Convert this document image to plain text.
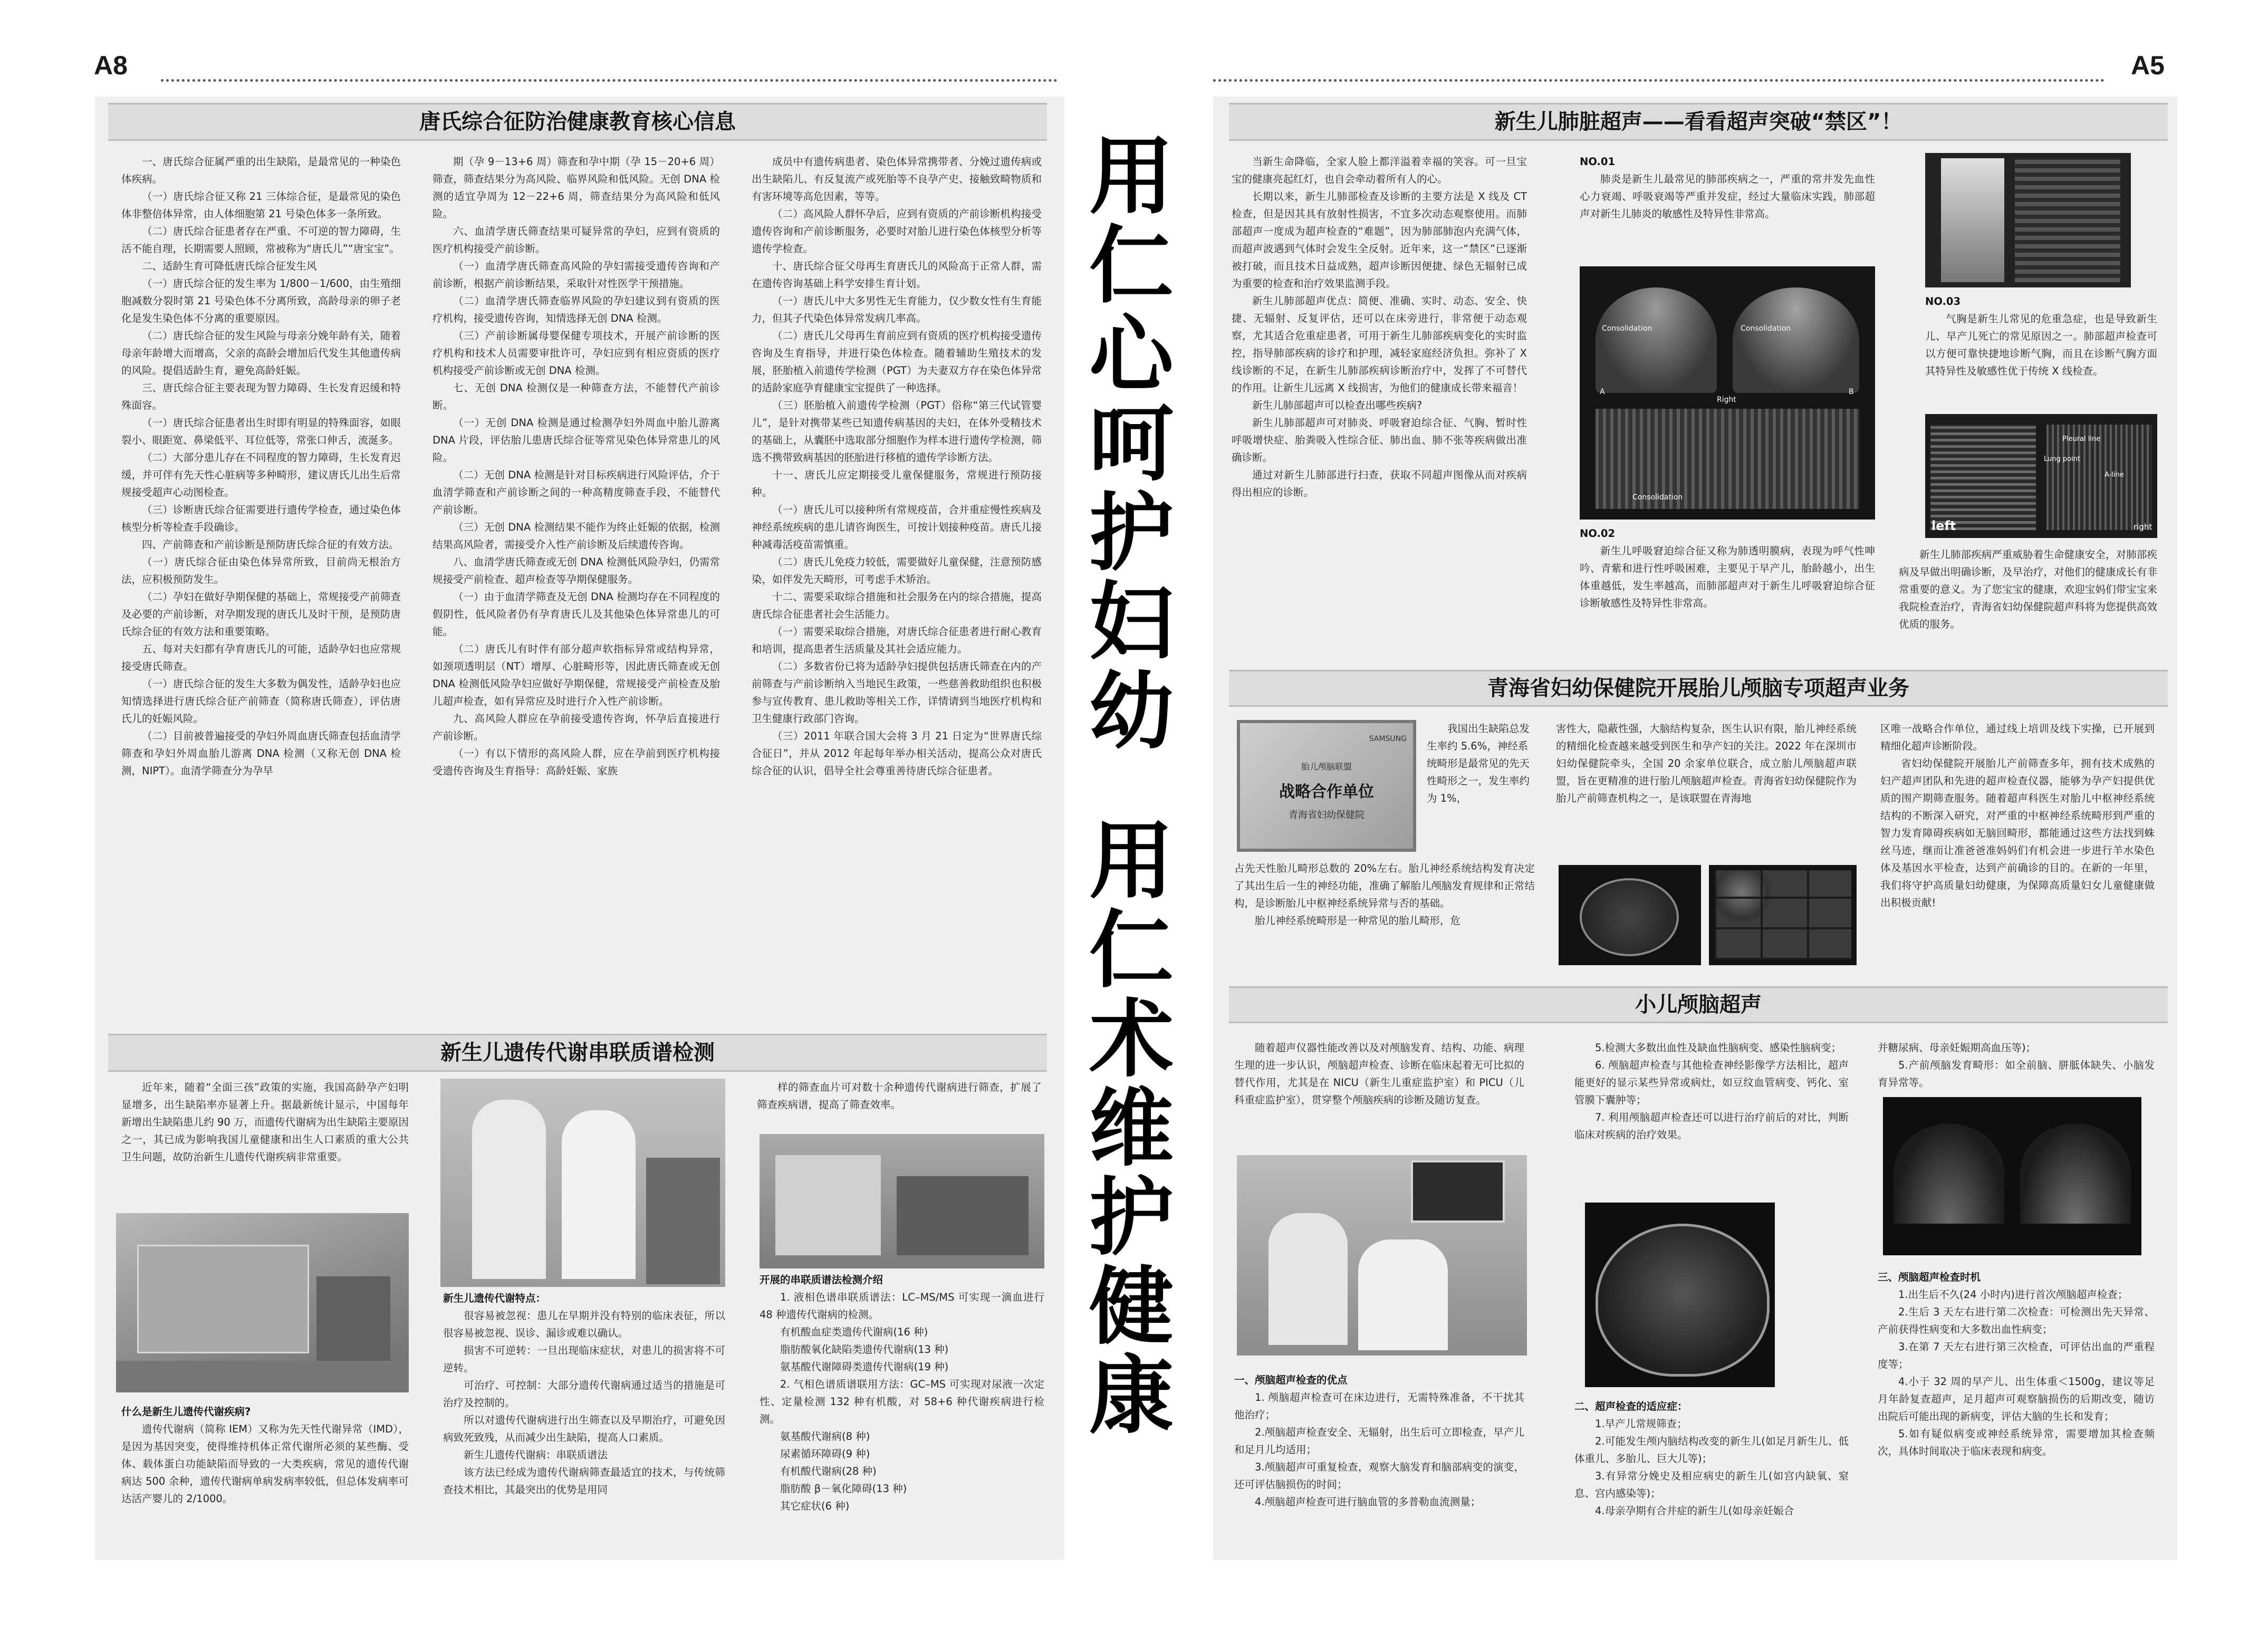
A8	A5
用
仁
心
呵
护
妇
幼
用
仁
术
维
护
健
康
唐氏综合征防治健康教育核心信息

一、唐氏综合征属严重的出生缺陷，是最常见的一种染色体疾病。

（一）唐氏综合征又称 21 三体综合征，是最常见的染色体非整倍体异常，由人体细胞第 21 号染色体多一条所致。

（二）唐氏综合征患者存在严重、不可逆的智力障碍，生活不能自理，长期需要人照顾，常被称为“唐氏儿”“唐宝宝”。

二、适龄生育可降低唐氏综合征发生风

（一）唐氏综合征的发生率为 1/800－1/600，由生殖细胞减数分裂时第 21 号染色体不分离所致，高龄母亲的卵子老化是发生染色体不分离的重要原因。

（二）唐氏综合征的发生风险与母亲分娩年龄有关，随着母亲年龄增大而增高，父亲的高龄会增加后代发生其他遗传病的风险。提倡适龄生育，避免高龄妊娠。

三、唐氏综合征主要表现为智力障碍、生长发育迟缓和特殊面容。

（一）唐氏综合征患者出生时即有明显的特殊面容，如眼裂小、眼距宽、鼻梁低平、耳位低等，常张口伸舌，流涎多。

（二）大部分患儿存在不同程度的智力障碍，生长发育迟缓，并可伴有先天性心脏病等多种畸形，建议唐氏儿出生后常规接受超声心动图检查。

（三）诊断唐氏综合征需要进行遗传学检查，通过染色体核型分析等检查手段确诊。

四、产前筛查和产前诊断是预防唐氏综合征的有效方法。

（一）唐氏综合征由染色体异常所致，目前尚无根治方法，应积极预防发生。

（二）孕妇在做好孕期保健的基础上，常规接受产前筛查及必要的产前诊断，对孕期发现的唐氏儿及时干预，是预防唐氏综合征的有效方法和重要策略。

五、每对夫妇都有孕育唐氏儿的可能，适龄孕妇也应常规接受唐氏筛查。

（一）唐氏综合征的发生大多数为偶发性，适龄孕妇也应知情选择进行唐氏综合征产前筛查（简称唐氏筛查），评估唐氏儿的妊娠风险。

（二）目前被普遍接受的孕妇外周血唐氏筛查包括血清学筛查和孕妇外周血胎儿游离 DNA 检测（又称无创 DNA 检测，NIPT）。血清学筛查分为孕早

期（孕 9－13+6 周）筛查和孕中期（孕 15－20+6 周）筛查，筛查结果分为高风险、临界风险和低风险。无创 DNA 检测的适宜孕周为 12－22+6 周，筛查结果分为高风险和低风险。

六、血清学唐氏筛查结果可疑异常的孕妇，应到有资质的医疗机构接受产前诊断。

（一）血清学唐氏筛查高风险的孕妇需接受遗传咨询和产前诊断，根据产前诊断结果，采取针对性医学干预措施。

（二）血清学唐氏筛查临界风险的孕妇建议到有资质的医疗机构，接受遗传咨询，知情选择无创 DNA 检测。

（三）产前诊断属母婴保健专项技术，开展产前诊断的医疗机构和技术人员需要审批许可，孕妇应到有相应资质的医疗机构接受产前诊断或无创 DNA 检测。

七、无创 DNA 检测仅是一种筛查方法，不能替代产前诊断。

（一）无创 DNA 检测是通过检测孕妇外周血中胎儿游离 DNA 片段，评估胎儿患唐氏综合征等常见染色体异常患儿的风险。

（二）无创 DNA 检测是针对目标疾病进行风险评估，介于血清学筛查和产前诊断之间的一种高精度筛查手段，不能替代产前诊断。

（三）无创 DNA 检测结果不能作为终止妊娠的依据，检测结果高风险者，需接受介入性产前诊断及后续遗传咨询。

八、血清学唐氏筛查或无创 DNA 检测低风险孕妇，仍需常规接受产前检查、超声检查等孕期保健服务。

（一）由于血清学筛查及无创 DNA 检测均存在不同程度的假阴性，低风险者仍有孕育唐氏儿及其他染色体异常患儿的可能。

（二）唐氏儿有时伴有部分超声软指标异常或结构异常，如颈项透明层（NT）增厚、心脏畸形等，因此唐氏筛查或无创 DNA 检测低风险孕妇应做好孕期保健，常规接受产前检查及胎儿超声检查，如有异常应及时进行介入性产前诊断。

九、高风险人群应在孕前接受遗传咨询，怀孕后直接进行产前诊断。

（一）有以下情形的高风险人群，应在孕前到医疗机构接受遗传咨询及生育指导：高龄妊娠、家族

成员中有遗传病患者、染色体异常携带者、分娩过遗传病或出生缺陷儿、有反复流产或死胎等不良孕产史、接触致畸物质和有害环境等高危因素，等等。

（二）高风险人群怀孕后，应到有资质的产前诊断机构接受遗传咨询和产前诊断服务，必要时对胎儿进行染色体核型分析等遗传学检查。

十、唐氏综合征父母再生育唐氏儿的风险高于正常人群，需在遗传咨询基础上科学安排生育计划。

（一）唐氏儿中大多男性无生育能力，仅少数女性有生育能力，但其子代染色体异常发病几率高。

（二）唐氏儿父母再生育前应到有资质的医疗机构接受遗传咨询及生育指导，并进行染色体检查。随着辅助生殖技术的发展，胚胎植入前遗传学检测（PGT）为夫妻双方存在染色体异常的适龄家庭孕育健康宝宝提供了一种选择。

（三）胚胎植入前遗传学检测（PGT）俗称“第三代试管婴儿”，是针对携带某些已知遗传病基因的夫妇，在体外受精技术的基础上，从囊胚中选取部分细胞作为样本进行遗传学检测，筛选不携带致病基因的胚胎进行移植的遗传学诊断方法。

十一、唐氏儿应定期接受儿童保健服务，常规进行预防接种。

（一）唐氏儿可以接种所有常规疫苗，合并重症慢性疾病及神经系统疾病的患儿请咨询医生，可按计划接种疫苗。唐氏儿接种减毒活疫苗需慎重。

（二）唐氏儿免疫力较低，需要做好儿童保健，注意预防感染，如伴发先天畸形，可考虑手术矫治。

十二、需要采取综合措施和社会服务在内的综合措施，提高唐氏综合征患者社会生活能力。

（一）需要采取综合措施，对唐氏综合征患者进行耐心教育和培训，提高患者生活质量及其社会适应能力。

（二）多数省份已将为适龄孕妇提供包括唐氏筛查在内的产前筛查与产前诊断纳入当地民生政策，一些慈善救助组织也积极参与宣传教育、患儿救助等相关工作，详情请到当地医疗机构和卫生健康行政部门咨询。

（三）2011 年联合国大会将 3 月 21 日定为“世界唐氏综合征日”，并从 2012 年起每年举办相关活动，提高公众对唐氏综合征的认识，倡导全社会尊重善待唐氏综合征患者。

新生儿遗传代谢串联质谱检测

近年来，随着“全面三孩”政策的实施，我国高龄孕产妇明显增多，出生缺陷率亦显著上升。据最新统计显示，中国每年新增出生缺陷患儿约 90 万，而遗传代谢病为出生缺陷主要原因之一，其已成为影响我国儿童健康和出生人口素质的重大公共卫生问题，故防治新生儿遗传代谢疾病非常重要。

什么是新生儿遗传代谢疾病?

遗传代谢病（简称 IEM）又称为先天性代谢异常（IMD），是因为基因突变，使得维持机体正常代谢所必须的某些酶、受体、载体蛋白功能缺陷而导致的一大类疾病，常见的遗传代谢病达 500 余种，遗传代谢病单病发病率较低，但总体发病率可达活产婴儿的 2/1000。

新生儿遗传代谢特点：

很容易被忽视：患儿在早期并没有特别的临床表征，所以很容易被忽视、误诊、漏诊或难以确认。

损害不可逆转：一旦出现临床症状，对患儿的损害将不可逆转。

可治疗、可控制：大部分遗传代谢病通过适当的措施是可治疗及控制的。

所以对遗传代谢病进行出生筛查以及早期治疗，可避免因病致死致残，从而减少出生缺陷，提高人口素质。

新生儿遗传代谢病：串联质谱法

该方法已经成为遗传代谢病筛查最适宜的技术，与传统筛查技术相比，其最突出的优势是用同

样的筛查血片可对数十余种遗传代谢病进行筛查，扩展了筛查疾病谱，提高了筛查效率。

开展的串联质谱法检测介绍

1. 液相色谱串联质谱法：LC–MS/MS 可实现一滴血进行 48 种遗传代谢病的检测。

有机酸血症类遗传代谢病(16 种)

脂肪酸氧化缺陷类遗传代谢病(13 种)

氨基酸代谢障碍类遗传代谢病(19 种)

2. 气相色谱质谱联用方法：GC–MS 可实现对尿液一次定性、定量检测 132 种有机酸，对 58+6 种代谢疾病进行检测。

氨基酸代谢病(8 种)

尿素循环障碍(9 种)

有机酸代谢病(28 种)

脂肪酸 β－氧化障碍(13 种)

其它症状(6 种)

新生儿肺脏超声——看看超声突破“禁区”！

当新生命降临，全家人脸上都洋溢着幸福的笑容。可一旦宝宝的健康亮起红灯，也自会牵动着所有人的心。

长期以来，新生儿肺部检查及诊断的主要方法是 X 线及 CT 检查，但是因其具有放射性损害，不宜多次动态观察使用。而肺部超声一度成为超声检查的“难题”，因为肺部肺泡内充满气体，而超声波遇到气体时会发生全反射。近年来，这一“禁区”已逐渐被打破，而且技术日益成熟，超声诊断因便捷、绿色无辐射已成为重要的检查和治疗效果监测手段。

新生儿肺部超声优点：简便、准确、实时、动态、安全、快捷、无辐射、反复评估，还可以在床旁进行，非常便于动态观察，尤其适合危重症患者，可用于新生儿肺部疾病变化的实时监控，指导肺部疾病的诊疗和护理，减轻家庭经济负担。弥补了 X 线诊断的不足，在新生儿肺部疾病诊断治疗中，发挥了不可替代的作用。让新生儿远离 X 线损害，为他们的健康成长带来福音！

新生儿肺部超声可以检查出哪些疾病?

新生儿肺部超声可对肺炎、呼吸窘迫综合征、气胸、暂时性呼吸增快症、胎粪吸入性综合征、肺出血、肺不张等疾病做出准确诊断。

通过对新生儿肺部进行扫查，获取不同超声图像从而对疾病得出相应的诊断。

NO.01

肺炎是新生儿最常见的肺部疾病之一，严重的常并发先血性心力衰竭、呼吸衰竭等严重并发症，经过大量临床实践，肺部超声对新生儿肺炎的敏感性及特异性非常高。

Consolidation	Consolidation
Consolidation
Right
A	B

NO.02

新生儿呼吸窘迫综合征又称为肺透明膜病，表现为呼气性呻吟、青紫和进行性呼吸困难，主要见于早产儿，胎龄越小，出生体重越低，发生率越高，而肺部超声对于新生儿呼吸窘迫综合征诊断敏感性及特异性非常高。

NO.03

气胸是新生儿常见的危重急症，也是导致新生儿、早产儿死亡的常见原因之一。肺部超声检查可以方便可靠快捷地诊断气胸，而且在诊断气胸方面其特异性及敏感性优于传统 X 线检查。

Pleural line
Lung point
A-line
left	right

新生儿肺部疾病严重威胁着生命健康安全，对肺部疾病及早做出明确诊断，及早治疗，对他们的健康成长有非常重要的意义。为了您宝宝的健康，欢迎宝妈们带宝宝来我院检查治疗，青海省妇幼保健院超声科将为您提供高效优质的服务。

青海省妇幼保健院开展胎儿颅脑专项超声业务
SAMSUNG
胎儿颅脑联盟
战略合作单位
青海省妇幼保健院

我国出生缺陷总发生率约 5.6%，神经系统畸形是最常见的先天性畸形之一，发生率约为 1%，

占先天性胎儿畸形总数的 20%左右。胎儿神经系统结构发育决定了其出生后一生的神经功能，准确了解胎儿颅脑发育规律和正常结构，是诊断胎儿中枢神经系统异常与否的基础。

胎儿神经系统畸形是一种常见的胎儿畸形，危

害性大，隐蔽性强，大脑结构复杂，医生认识有限，胎儿神经系统的精细化检查越来越受到医生和孕产妇的关注。2022 年在深圳市妇幼保健院牵头，全国 20 余家单位联合，成立胎儿颅脑超声联盟，旨在更精准的进行胎儿颅脑超声检查。青海省妇幼保健院作为胎儿产前筛查机构之一，是该联盟在青海地

区唯一战略合作单位，通过线上培训及线下实操，已开展到精细化超声诊断阶段。

省妇幼保健院开展胎儿产前筛查多年，拥有技术成熟的妇产超声团队和先进的超声检查仪器，能够为孕产妇提供优质的围产期筛查服务。随着超声科医生对胎儿中枢神经系统结构的不断深入研究，对严重的中枢神经系统畸形到严重的智力发育障碍疾病如无脑回畸形，都能通过这些方法找到蛛丝马迹，继而让准爸爸准妈妈们有机会进一步进行羊水染色体及基因水平检查，达到产前确诊的目的。在新的一年里，我们将守护高质量妇幼健康，为保障高质量妇女儿童健康做出积极贡献!

小儿颅脑超声

随着超声仪器性能改善以及对颅脑发育、结构、功能、病理生理的进一步认识，颅脑超声检查、诊断在临床起着无可比拟的替代作用，尤其是在 NICU（新生儿重症监护室）和 PICU（儿科重症监护室），贯穿整个颅脑疾病的诊断及随访复查。

一、颅脑超声检查的优点

1. 颅脑超声检查可在床边进行，无需特殊准备，不干扰其他治疗；

2.颅脑超声检查安全、无辐射，出生后可立即检查，早产儿和足月儿均适用；

3.颅脑超声可重复检查，观察大脑发育和脑部病变的演变，还可评估脑损伤的时间；

4.颅脑超声检查可进行脑血管的多普勒血流测量；

5.检测大多数出血性及缺血性脑病变、感染性脑病变；

6. 颅脑超声检查与其他检查神经影像学方法相比，超声能更好的显示某些异常或病灶，如豆纹血管病变、钙化、室管膜下囊肿等；

7. 利用颅脑超声检查还可以进行治疗前后的对比，判断临床对疾病的治疗效果。

二、超声检查的适应症：

1.早产儿常规筛查；

2.可能发生颅内脑结构改变的新生儿(如足月新生儿、低体重儿、多胎儿、巨大儿等)；

3.有异常分娩史及相应病史的新生儿(如宫内缺氧、窒息、宫内感染等)；

4.母亲孕期有合并症的新生儿(如母亲妊娠合

并糖尿病、母亲妊娠期高血压等)；

5.产前颅脑发育畸形：如全前脑、胼胝体缺失、小脑发育异常等。

三、颅脑超声检查时机

1.出生后不久(24 小时内)进行首次颅脑超声检查；

2.生后 3 天左右进行第二次检查：可检测出先天异常、产前获得性病变和大多数出血性病变；

3.在第 7 天左右进行第三次检查，可评估出血的严重程度等；

4.小于 32 周的早产儿、出生体重＜1500g，建议等足月年龄复查超声，足月超声可观察脑损伤的后期改变，随访出院后可能出现的新病变，评估大脑的生长和发育；

5.如有疑似病变或神经系统异常，需要增加其检查频次，具体时间取决于临床表现和病变。
